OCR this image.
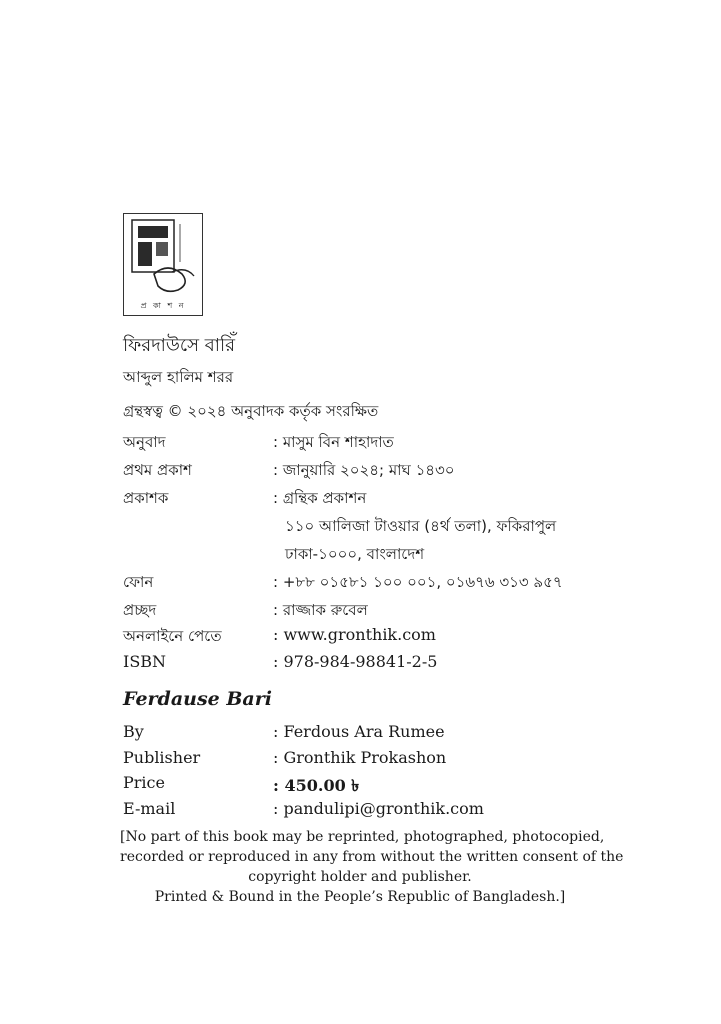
প্র কা শ ন
ফিরদাউসে বারিঁ
আব্দুল হালিম শরর
গ্রন্থস্বত্ব © ২০২৪ অনুবাদক কর্তৃক সংরক্ষিত
অনুবাদ	: মাসুম বিন শাহাদাত
প্রথম প্রকাশ	: জানুয়ারি ২০২৪; মাঘ ১৪৩০
প্রকাশক	: গ্রন্থিক প্রকাশন
১১০ আলিজা টাওয়ার (৪র্থ তলা), ফকিরাপুল
ঢাকা-১০০০, বাংলাদেশ
ফোন	: +৮৮ ০১৫৮১ ১০০ ০০১, ০১৬৭৬ ৩১৩ ৯৫৭
প্রচ্ছদ	: রাজ্জাক রুবেল
অনলাইনে পেতে	: www.gronthik.com
ISBN	: 978-984-98841-2-5
Ferdause Bari
By	: Ferdous Ara Rumee
Publisher	: Gronthik Prokashon
Price	: 450.00 ৳
E-mail	: pandulipi@gronthik.com
[No part of this book may be reprinted, photographed, photocopied,
recorded or reproduced in any from without the written consent of the
copyright holder and publisher.
Printed & Bound in the People’s Republic of Bangladesh.]
